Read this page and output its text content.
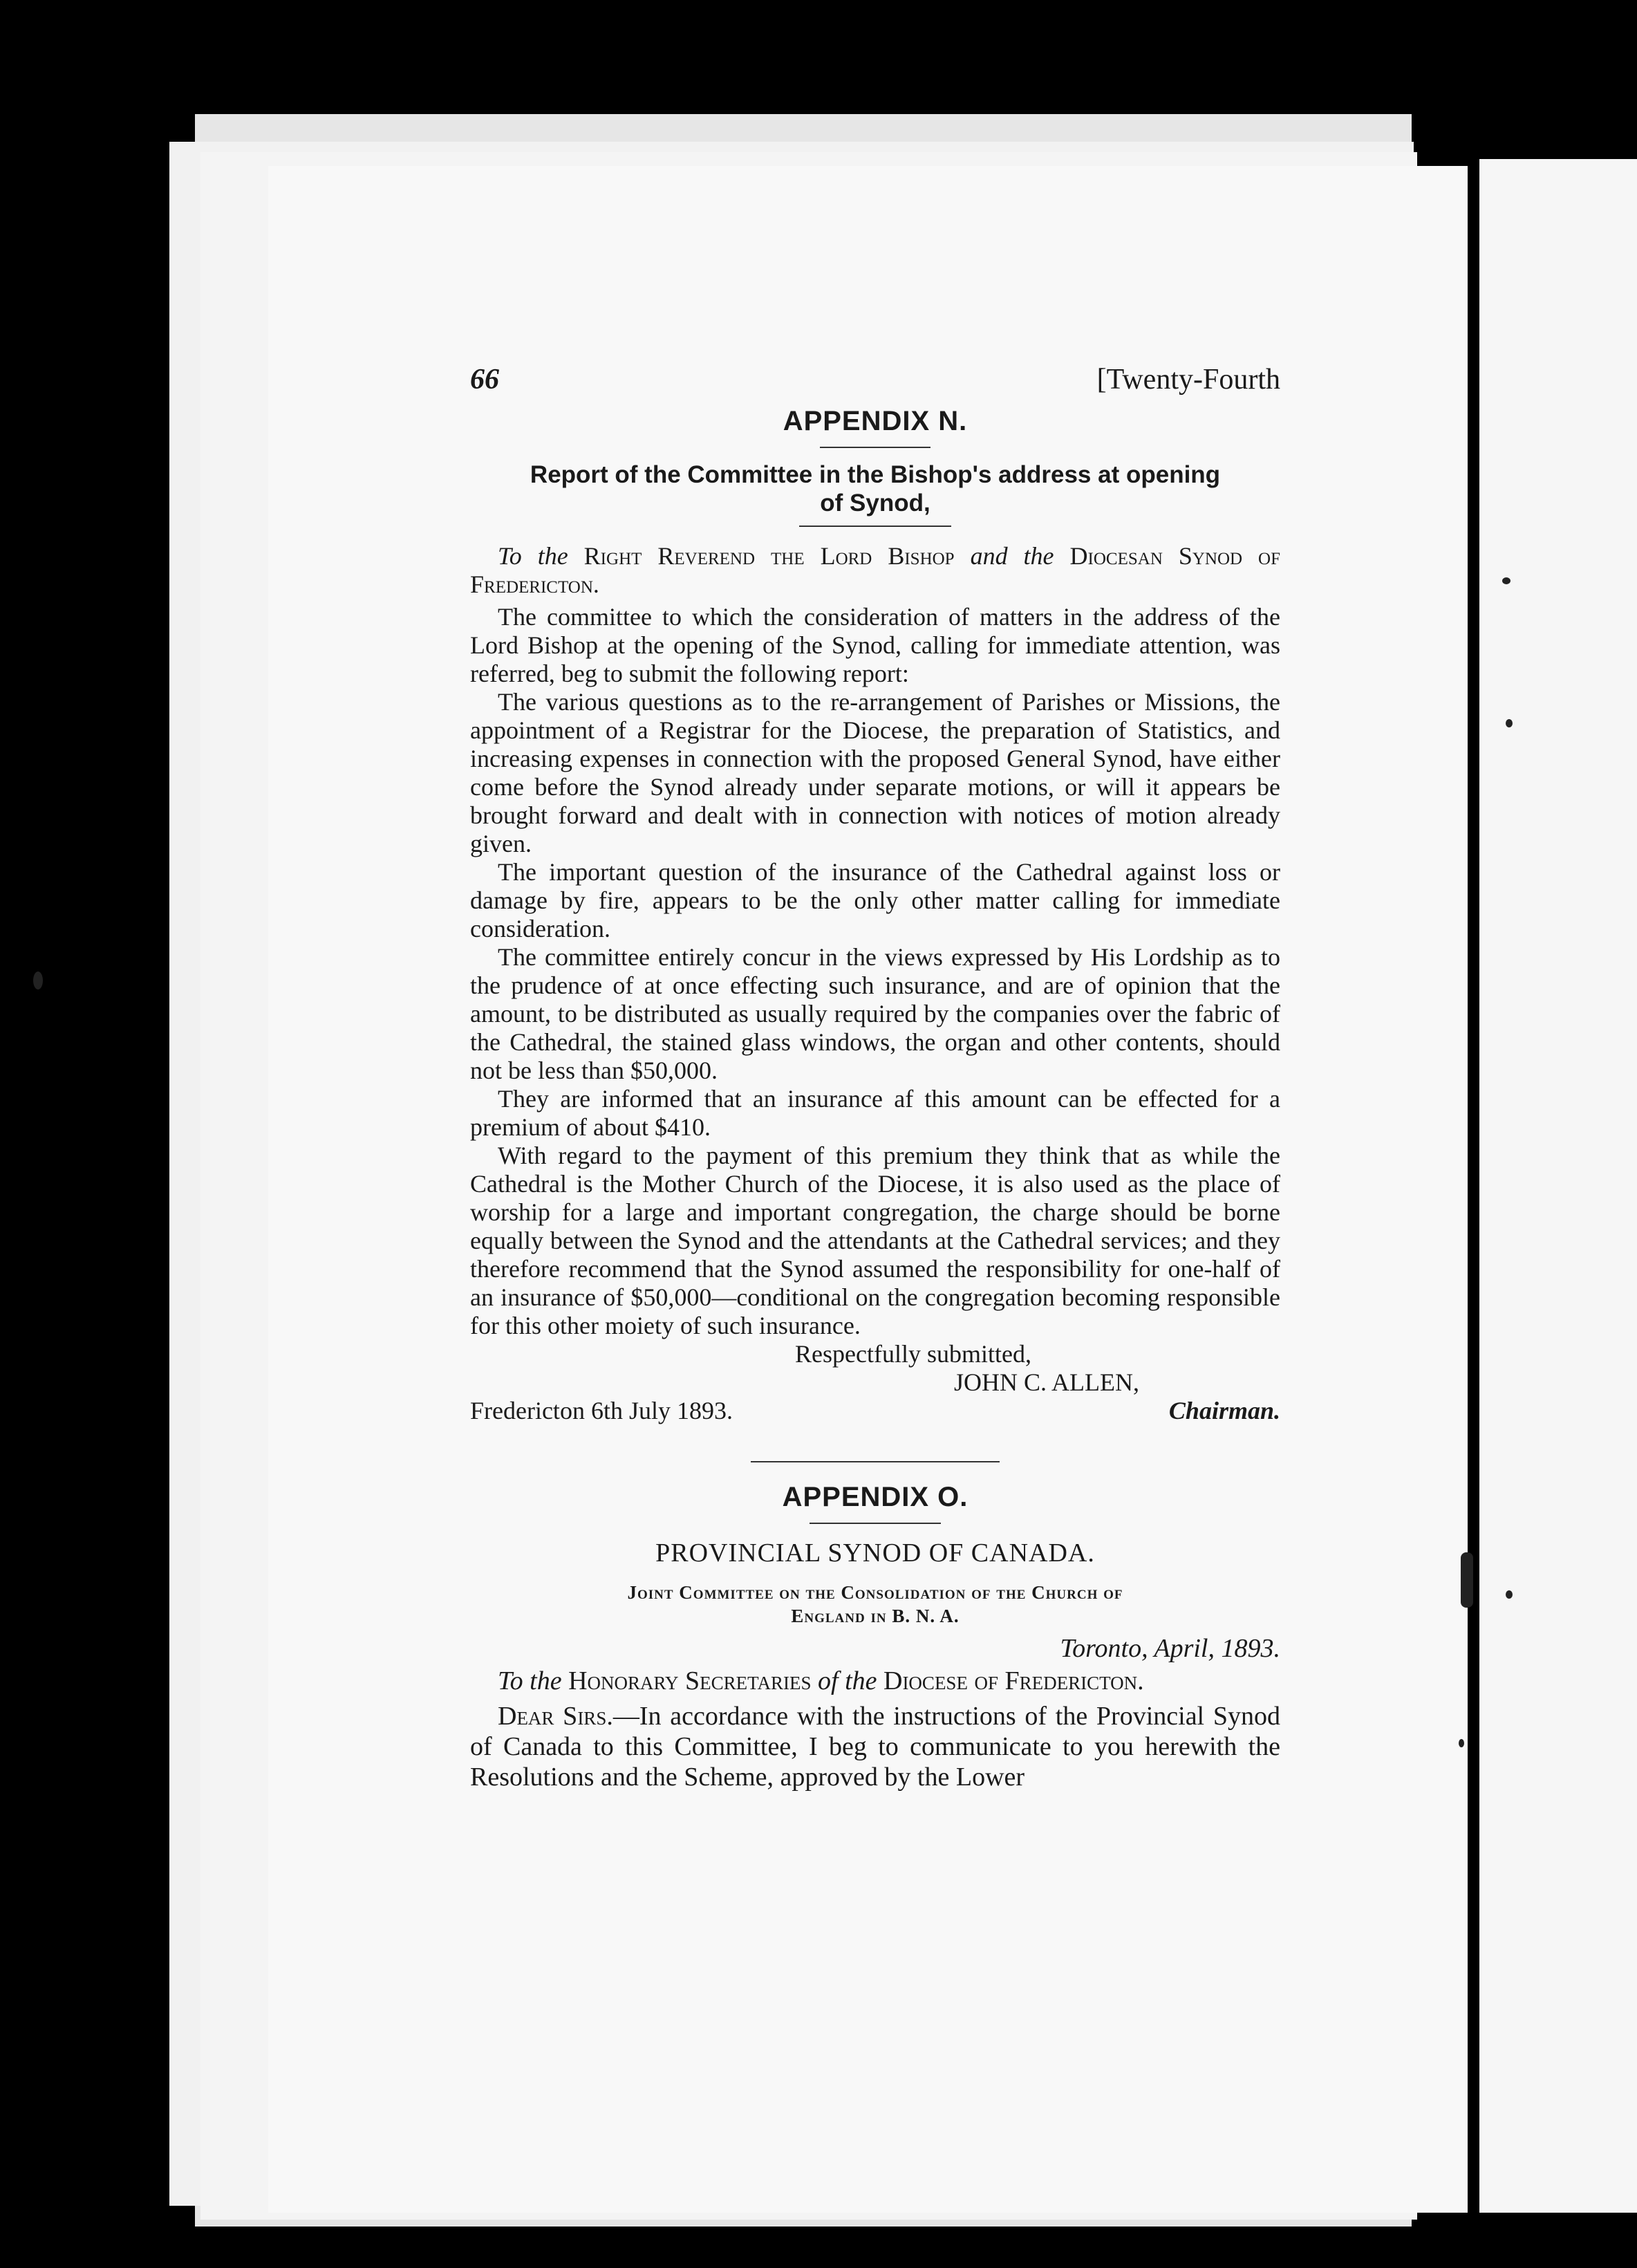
66	[Twenty-Fourth
APPENDIX N.
Report of the Committee in the Bishop's address at opening
of Synod,
To the Right Reverend the Lord Bishop and the Diocesan Synod of Fredericton.
The committee to which the consideration of matters in the address of the Lord Bishop at the opening of the Synod, calling for immediate attention, was referred, beg to submit the following report:
The various questions as to the re-arrangement of Parishes or Missions, the appointment of a Registrar for the Diocese, the preparation of Statistics, and increasing expenses in connection with the proposed General Synod, have either come before the Synod already under separate motions, or will it appears be brought forward and dealt with in connection with notices of motion already given.
The important question of the insurance of the Cathedral against loss or damage by fire, appears to be the only other matter calling for immediate consideration.
The committee entirely concur in the views expressed by His Lordship as to the prudence of at once effecting such insurance, and are of opinion that the amount, to be distributed as usually required by the companies over the fabric of the Cathedral, the stained glass windows, the organ and other contents, should not be less than $50,000.
They are informed that an insurance af this amount can be effected for a premium of about $410.
With regard to the payment of this premium they think that as while the Cathedral is the Mother Church of the Diocese, it is also used as the place of worship for a large and important congregation, the charge should be borne equally between the Synod and the attendants at the Cathedral services; and they therefore recommend that the Synod assumed the responsibility for one-half of an insurance of $50,000—conditional on the congregation becoming responsible for this other moiety of such insurance.
Respectfully submitted,
JOHN C. ALLEN,
Fredericton 6th July 1893.	Chairman.
APPENDIX O.
PROVINCIAL SYNOD OF CANADA.
Joint Committee on the Consolidation of the Church of
England in B. N. A.
Toronto, April, 1893.
To the Honorary Secretaries of the Diocese of Fredericton.
Dear Sirs.—In accordance with the instructions of the Provincial Synod of Canada to this Committee, I beg to communicate to you herewith the Resolutions and the Scheme, approved by the Lower
